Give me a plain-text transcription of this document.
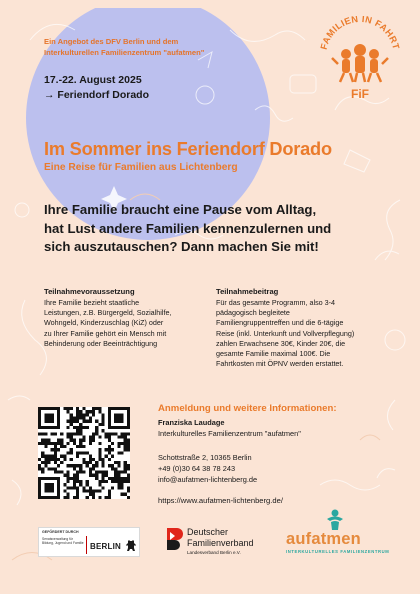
FAMILIEN IN FAHRT
FiF
Ein Angebot des DFV Berlin und dem
Interkulturellen Familienzentrum "aufatmen"
17.-22. August 2025
→ Feriendorf Dorado
Im Sommer ins Feriendorf Dorado
Eine Reise für Familien aus Lichtenberg
Ihre Familie braucht eine Pause vom Alltag,
hat Lust andere Familien kennenzulernen und
sich auszutauschen? Dann machen Sie mit!
Teilnahmevoraussetzung
Ihre Familie bezieht staatliche
Leistungen, z.B. Bürgergeld, Sozialhilfe,
Wohngeld, Kinderzuschlag (KiZ) oder
zu Ihrer Familie gehört ein Mensch mit
Behinderung oder Beeinträchtigung
Teilnahmebeitrag
Für das gesamte Programm, also 3-4
pädagogisch begleitete
Familiengruppentreffen und die 6-tägige
Reise (inkl. Unterkunft und Vollverpflegung)
zahlen Erwachsene 30€, Kinder 20€, die
gesamte Familie maximal 100€. Die
Fahrtkosten mit ÖPNV werden erstattet.
Anmeldung und weitere Informationen:
Franziska Laudage
Interkulturelles Familienzentrum "aufatmen"
Schottstraße 2, 10365 Berlin
+49 (0)30 64 38 78 243
info@aufatmen-lichtenberg.de
https://www.aufatmen-lichtenberg.de/
GEFÖRDERT DURCH
Senatsverwaltung für Bildung, Jugend und Familie BERLIN
Deutscher
Familienverband
Landesverband Berlin e.V.
aufatmen
INTERKULTURELLES FAMILIENZENTRUM
